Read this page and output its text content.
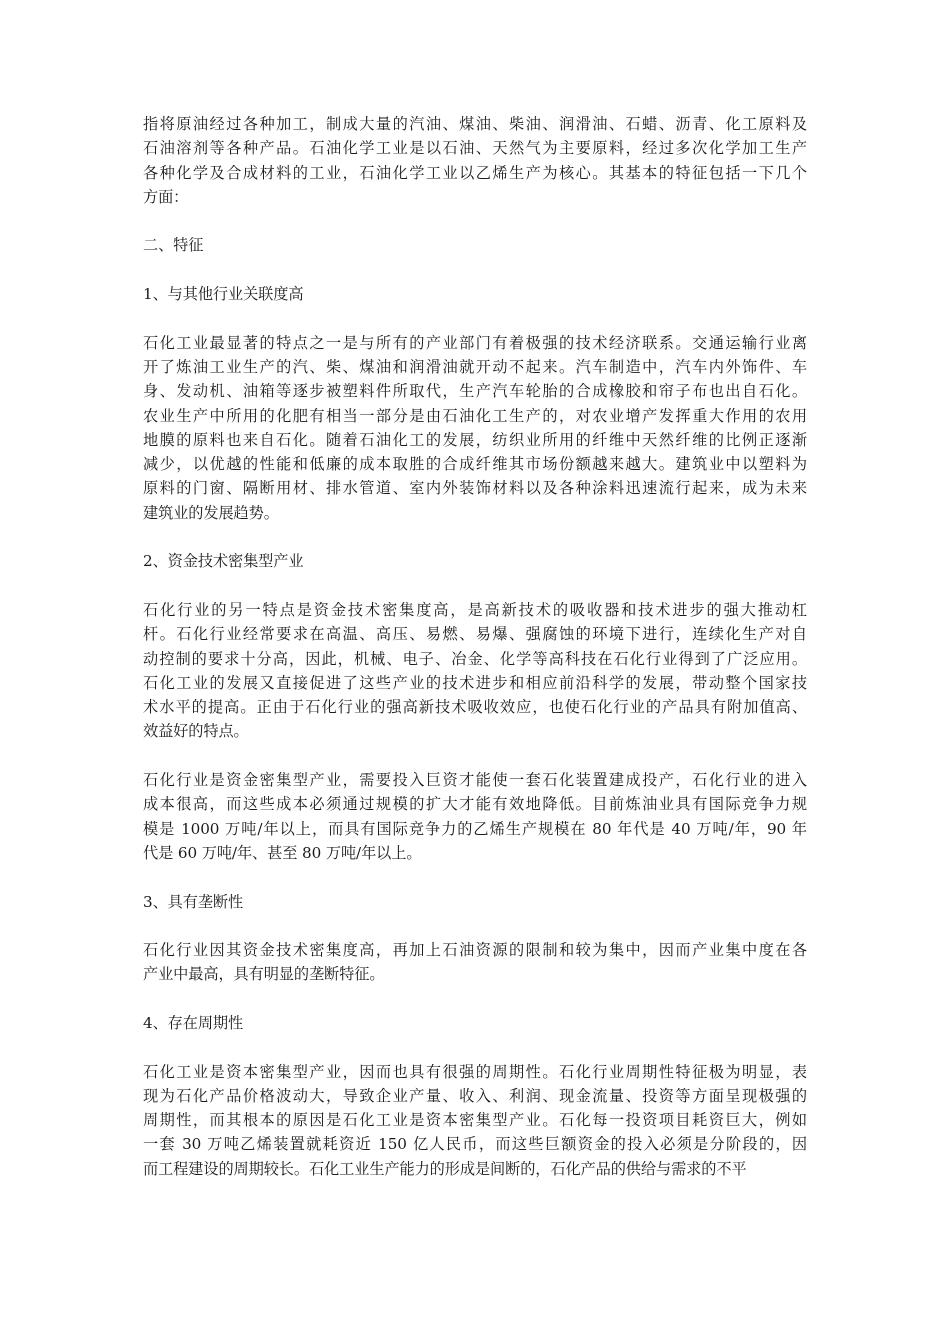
指将原油经过各种加工，制成大量的汽油、煤油、柴油、润滑油、石蜡、沥青、化工原料及
石油溶剂等各种产品。石油化学工业是以石油、天然气为主要原料，经过多次化学加工生产
各种化学及合成材料的工业，石油化学工业以乙烯生产为核心。其基本的特征包括一下几个
方面：
二、特征
1、与其他行业关联度高
石化工业最显著的特点之一是与所有的产业部门有着极强的技术经济联系。交通运输行业离
开了炼油工业生产的汽、柴、煤油和润滑油就开动不起来。汽车制造中，汽车内外饰件、车
身、发动机、油箱等逐步被塑料件所取代，生产汽车轮胎的合成橡胶和帘子布也出自石化。
农业生产中所用的化肥有相当一部分是由石油化工生产的，对农业增产发挥重大作用的农用
地膜的原料也来自石化。随着石油化工的发展，纺织业所用的纤维中天然纤维的比例正逐渐
减少，以优越的性能和低廉的成本取胜的合成纤维其市场份额越来越大。建筑业中以塑料为
原料的门窗、隔断用材、排水管道、室内外装饰材料以及各种涂料迅速流行起来，成为未来
建筑业的发展趋势。
2、资金技术密集型产业
石化行业的另一特点是资金技术密集度高，是高新技术的吸收器和技术进步的强大推动杠
杆。石化行业经常要求在高温、高压、易燃、易爆、强腐蚀的环境下进行，连续化生产对自
动控制的要求十分高，因此，机械、电子、冶金、化学等高科技在石化行业得到了广泛应用。
石化工业的发展又直接促进了这些产业的技术进步和相应前沿科学的发展，带动整个国家技
术水平的提高。正由于石化行业的强高新技术吸收效应，也使石化行业的产品具有附加值高、
效益好的特点。
石化行业是资金密集型产业，需要投入巨资才能使一套石化装置建成投产，石化行业的进入
成本很高，而这些成本必须通过规模的扩大才能有效地降低。目前炼油业具有国际竞争力规
模是 1000 万吨/年以上，而具有国际竞争力的乙烯生产规模在 80 年代是 40 万吨/年，90 年
代是 60 万吨/年、甚至 80 万吨/年以上。
3、具有垄断性
石化行业因其资金技术密集度高，再加上石油资源的限制和较为集中，因而产业集中度在各
产业中最高，具有明显的垄断特征。
4、存在周期性
石化工业是资本密集型产业，因而也具有很强的周期性。石化行业周期性特征极为明显，表
现为石化产品价格波动大，导致企业产量、收入、利润、现金流量、投资等方面呈现极强的
周期性，而其根本的原因是石化工业是资本密集型产业。石化每一投资项目耗资巨大，例如
一套 30 万吨乙烯装置就耗资近 150 亿人民币，而这些巨额资金的投入必须是分阶段的，因
而工程建设的周期较长。石化工业生产能力的形成是间断的，石化产品的供给与需求的不平
